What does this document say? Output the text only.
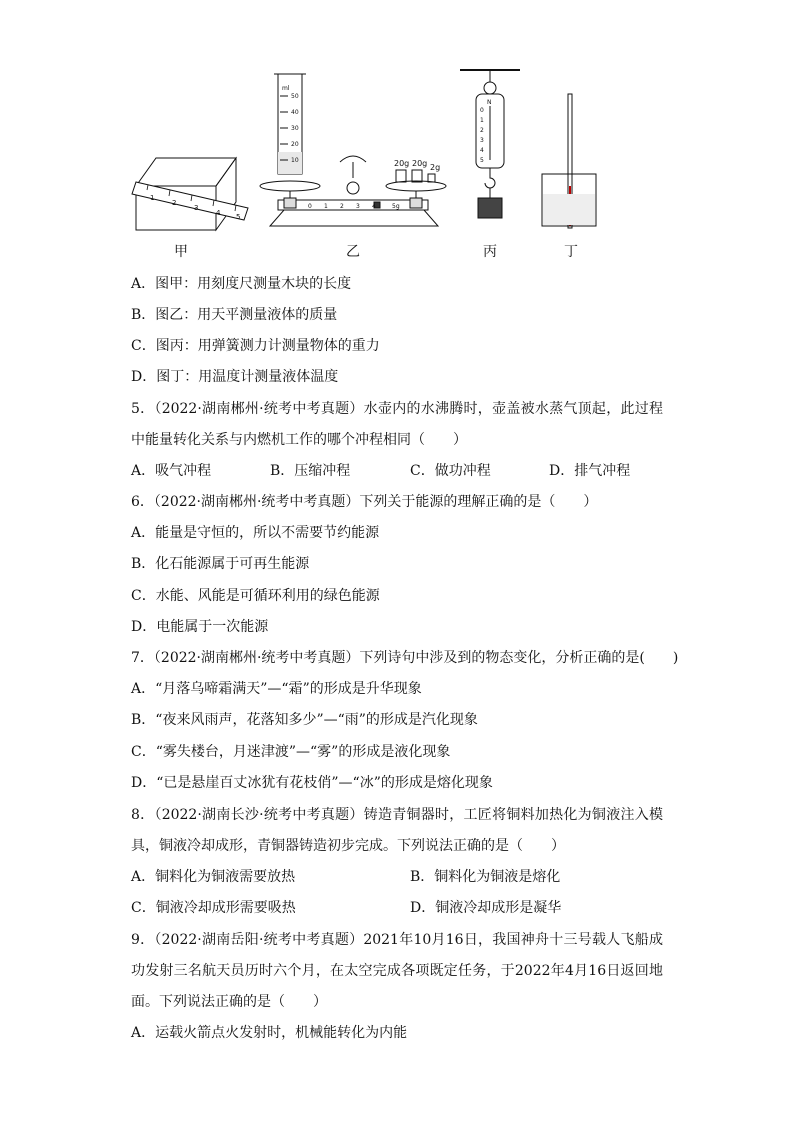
1
2
3
4 5
ml
50
40
30
20
10
0 1 2 3 4	5g
20g 20g 2g
N
0
1
2
3
4
5
甲	乙	丙	丁
A．图甲：用刻度尺测量木块的长度
B．图乙：用天平测量液体的质量
C．图丙：用弹簧测力计测量物体的重力
D．图丁：用温度计测量液体温度
5．（2022·湖南郴州·统考中考真题）水壶内的水沸腾时，壶盖被水蒸气顶起，此过程中能量转化关系与内燃机工作的哪个冲程相同（　　）
A．吸气冲程	B．压缩冲程	C．做功冲程	D．排气冲程
6．（2022·湖南郴州·统考中考真题）下列关于能源的理解正确的是（　　）
A．能量是守恒的，所以不需要节约能源
B．化石能源属于可再生能源
C．水能、风能是可循环利用的绿色能源
D．电能属于一次能源
7．（2022·湖南郴州·统考中考真题）下列诗句中涉及到的物态变化，分析正确的是(　　)
A．“月落乌啼霜满天”—“霜”的形成是升华现象
B．“夜来风雨声，花落知多少”—“雨”的形成是汽化现象
C．“雾失楼台，月迷津渡”—“雾”的形成是液化现象
D．“已是悬崖百丈冰犹有花枝俏”—“冰”的形成是熔化现象
8．（2022·湖南长沙·统考中考真题）铸造青铜器时，工匠将铜料加热化为铜液注入模具，铜液冷却成形，青铜器铸造初步完成。下列说法正确的是（　　）
A．铜料化为铜液需要放热	B．铜料化为铜液是熔化
C．铜液冷却成形需要吸热	D．铜液冷却成形是凝华
9．（2022·湖南岳阳·统考中考真题）2021年10月16日，我国神舟十三号载人飞船成功发射三名航天员历时六个月，在太空完成各项既定任务，于2022年4月16日返回地面。下列说法正确的是（　　）
A．运载火箭点火发射时，机械能转化为内能
